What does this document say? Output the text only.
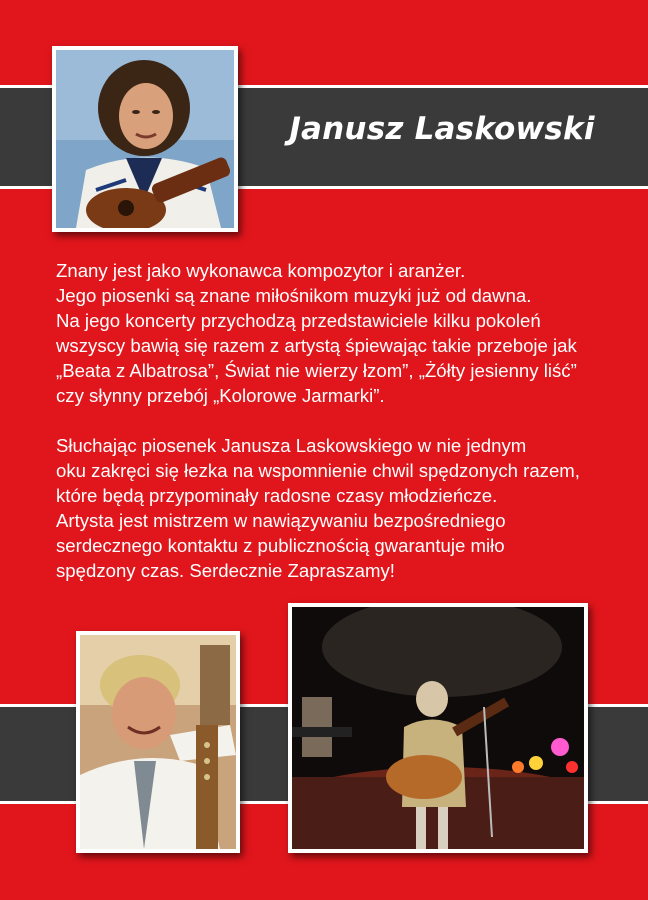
Janusz Laskowski

Znany jest jako wykonawca kompozytor i aranżer.
Jego piosenki są znane miłośnikom muzyki już od dawna.
Na jego koncerty przychodzą przedstawiciele kilku pokoleń
wszyscy bawią się razem z artystą śpiewając takie przeboje jak
„Beata z Albatrosa”, Świat nie wierzy łzom”, „Żółty jesienny liść”
czy słynny przebój „Kolorowe Jarmarki”.

Słuchając piosenek Janusza Laskowskiego w nie jednym
oku zakręci się łezka na wspomnienie chwil spędzonych razem,
które będą przypominały radosne czasy młodzieńcze.
Artysta jest mistrzem w nawiązywaniu bezpośredniego
serdecznego kontaktu z publicznością gwarantuje miło
spędzony czas. Serdecznie Zapraszamy!
